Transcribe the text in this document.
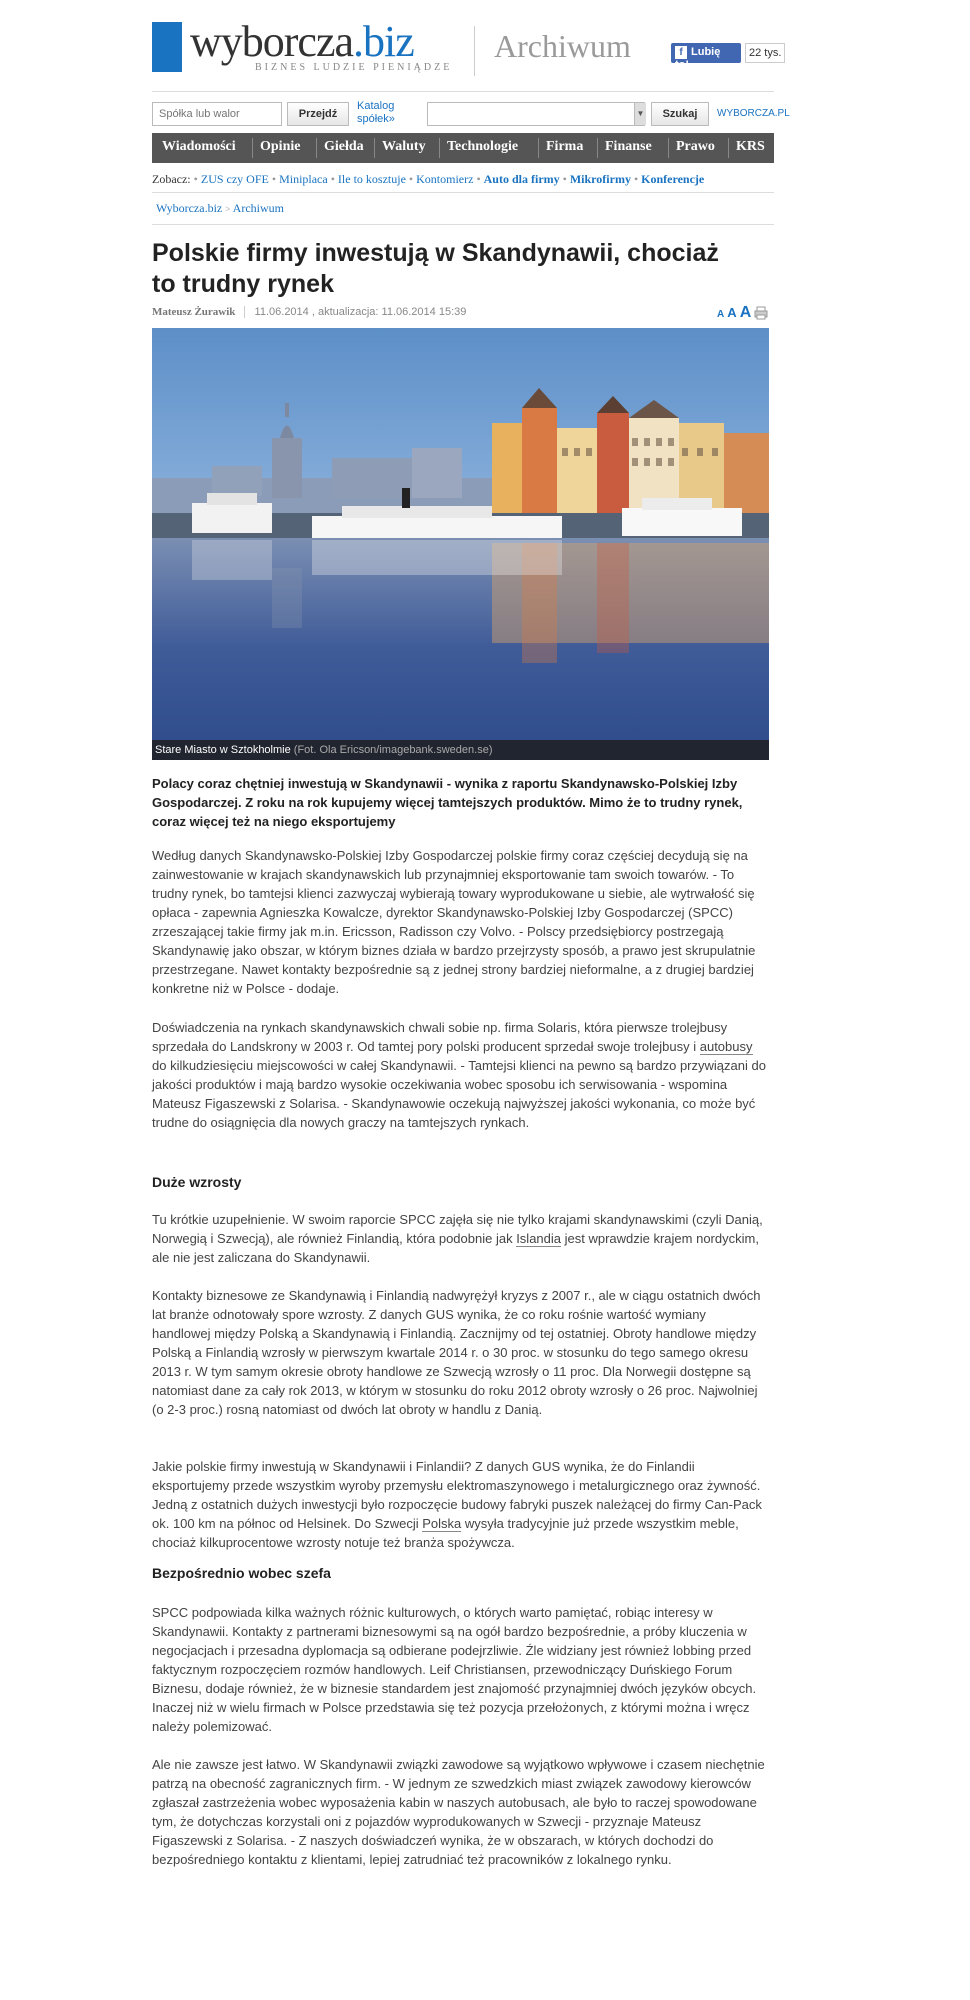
wyborcza.biz
BIZNES LUDZIE PIENIĄDZE
Archiwum	f Lubię to!
22 tys.
Spółka lub walor
Przejdź
Katalog spółek»	▼	Szukaj	WYBORCZA.PL
Wiadomości Opinie Giełda Waluty Technologie Firma Finanse Prawo KRS
Zobacz: • ZUS czy OFE • Miniplaca • Ile to kosztuje • Kontomierz • Auto dla firmy • Mikrofirmy • Konferencje
Wyborcza.biz > Archiwum
Polskie firmy inwestują w Skandynawii, chociaż to trudny rynek
Mateusz Żurawik 11.06.2014 , aktualizacja: 11.06.2014 15:39	A A A
Stare Miasto w Sztokholmie (Fot. Ola Ericson/imagebank.sweden.se)
Polacy coraz chętniej inwestują w Skandynawii - wynika z raportu Skandynawsko-Polskiej Izby Gospodarczej. Z roku na rok kupujemy więcej tamtejszych produktów. Mimo że to trudny rynek, coraz więcej też na niego eksportujemy
Według danych Skandynawsko-Polskiej Izby Gospodarczej polskie firmy coraz częściej decydują się na zainwestowanie w krajach skandynawskich lub przynajmniej eksportowanie tam swoich towarów. - To trudny rynek, bo tamtejsi klienci zazwyczaj wybierają towary wyprodukowane u siebie, ale wytrwałość się opłaca - zapewnia Agnieszka Kowalcze, dyrektor Skandynawsko-Polskiej Izby Gospodarczej (SPCC) zrzeszającej takie firmy jak m.in. Ericsson, Radisson czy Volvo. - Polscy przedsiębiorcy postrzegają Skandynawię jako obszar, w którym biznes działa w bardzo przejrzysty sposób, a prawo jest skrupulatnie przestrzegane. Nawet kontakty bezpośrednie są z jednej strony bardziej nieformalne, a z drugiej bardziej konkretne niż w Polsce - dodaje.
Doświadczenia na rynkach skandynawskich chwali sobie np. firma Solaris, która pierwsze trolejbusy sprzedała do Landskrony w 2003 r. Od tamtej pory polski producent sprzedał swoje trolejbusy i autobusy do kilkudziesięciu miejscowości w całej Skandynawii. - Tamtejsi klienci na pewno są bardzo przywiązani do jakości produktów i mają bardzo wysokie oczekiwania wobec sposobu ich serwisowania - wspomina Mateusz Figaszewski z Solarisa. - Skandynawowie oczekują najwyższej jakości wykonania, co może być trudne do osiągnięcia dla nowych graczy na tamtejszych rynkach.
Duże wzrosty
Tu krótkie uzupełnienie. W swoim raporcie SPCC zajęła się nie tylko krajami skandynawskimi (czyli Danią, Norwegią i Szwecją), ale również Finlandią, która podobnie jak Islandia jest wprawdzie krajem nordyckim, ale nie jest zaliczana do Skandynawii.
Kontakty biznesowe ze Skandynawią i Finlandią nadwyrężył kryzys z 2007 r., ale w ciągu ostatnich dwóch lat branże odnotowały spore wzrosty. Z danych GUS wynika, że co roku rośnie wartość wymiany handlowej między Polską a Skandynawią i Finlandią. Zacznijmy od tej ostatniej. Obroty handlowe między Polską a Finlandią wzrosły w pierwszym kwartale 2014 r. o 30 proc. w stosunku do tego samego okresu 2013 r. W tym samym okresie obroty handlowe ze Szwecją wzrosły o 11 proc. Dla Norwegii dostępne są natomiast dane za cały rok 2013, w którym w stosunku do roku 2012 obroty wzrosły o 26 proc. Najwolniej (o 2-3 proc.) rosną natomiast od dwóch lat obroty w handlu z Danią.
Jakie polskie firmy inwestują w Skandynawii i Finlandii? Z danych GUS wynika, że do Finlandii eksportujemy przede wszystkim wyroby przemysłu elektromaszynowego i metalurgicznego oraz żywność. Jedną z ostatnich dużych inwestycji było rozpoczęcie budowy fabryki puszek należącej do firmy Can-Pack ok. 100 km na północ od Helsinek. Do Szwecji Polska wysyła tradycyjnie już przede wszystkim meble, chociaż kilkuprocentowe wzrosty notuje też branża spożywcza.
Bezpośrednio wobec szefa
SPCC podpowiada kilka ważnych różnic kulturowych, o których warto pamiętać, robiąc interesy w Skandynawii. Kontakty z partnerami biznesowymi są na ogół bardzo bezpośrednie, a próby kluczenia w negocjacjach i przesadna dyplomacja są odbierane podejrzliwie. Źle widziany jest również lobbing przed faktycznym rozpoczęciem rozmów handlowych. Leif Christiansen, przewodniczący Duńskiego Forum Biznesu, dodaje również, że w biznesie standardem jest znajomość przynajmniej dwóch języków obcych. Inaczej niż w wielu firmach w Polsce przedstawia się też pozycja przełożonych, z którymi można i wręcz należy polemizować.
Ale nie zawsze jest łatwo. W Skandynawii związki zawodowe są wyjątkowo wpływowe i czasem niechętnie patrzą na obecność zagranicznych firm. - W jednym ze szwedzkich miast związek zawodowy kierowców zgłaszał zastrzeżenia wobec wyposażenia kabin w naszych autobusach, ale było to raczej spowodowane tym, że dotychczas korzystali oni z pojazdów wyprodukowanych w Szwecji - przyznaje Mateusz Figaszewski z Solarisa. - Z naszych doświadczeń wynika, że w obszarach, w których dochodzi do bezpośredniego kontaktu z klientami, lepiej zatrudniać też pracowników z lokalnego rynku.
